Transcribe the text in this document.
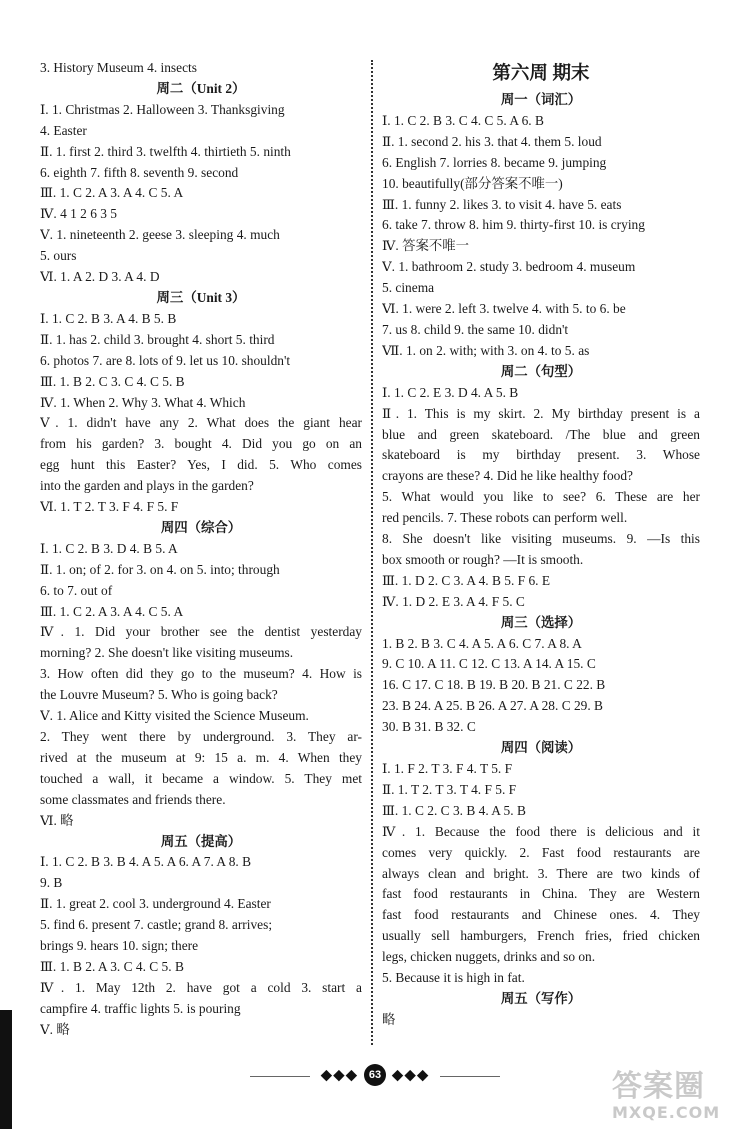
3. History Museum 4. insects
周二（Unit 2）
Ⅰ. 1. Christmas 2. Halloween 3. Thanksgiving
4. Easter
Ⅱ. 1. first 2. third 3. twelfth 4. thirtieth 5. ninth
6. eighth 7. fifth 8. seventh 9. second
Ⅲ. 1. C 2. A 3. A 4. C 5. A
Ⅳ. 4 1 2 6 3 5
Ⅴ. 1. nineteenth 2. geese 3. sleeping 4. much
5. ours
Ⅵ. 1. A 2. D 3. A 4. D
周三（Unit 3）
Ⅰ. 1. C 2. B 3. A 4. B 5. B
Ⅱ. 1. has 2. child 3. brought 4. short 5. third
6. photos 7. are 8. lots of 9. let us 10. shouldn't
Ⅲ. 1. B 2. C 3. C 4. C 5. B
Ⅳ. 1. When 2. Why 3. What 4. Which
Ⅴ. 1. didn't have any 2. What does the giant hear
from his garden? 3. bought 4. Did you go on an
egg hunt this Easter? Yes, I did. 5. Who comes
into the garden and plays in the garden?
Ⅵ. 1. T 2. T 3. F 4. F 5. F
周四（综合）
Ⅰ. 1. C 2. B 3. D 4. B 5. A
Ⅱ. 1. on; of 2. for 3. on 4. on 5. into; through
6. to 7. out of
Ⅲ. 1. C 2. A 3. A 4. C 5. A
Ⅳ. 1. Did your brother see the dentist yesterday
morning? 2. She doesn't like visiting museums.
3. How often did they go to the museum? 4. How is
the Louvre Museum? 5. Who is going back?
Ⅴ. 1. Alice and Kitty visited the Science Museum.
2. They went there by underground. 3. They ar-
rived at the museum at 9: 15 a. m. 4. When they
touched a wall, it became a window. 5. They met
some classmates and friends there.
Ⅵ. 略
周五（提高）
Ⅰ. 1. C 2. B 3. B 4. A 5. A 6. A 7. A 8. B
9. B
Ⅱ. 1. great 2. cool 3. underground 4. Easter
5. find 6. present 7. castle; grand 8. arrives;
brings 9. hears 10. sign; there
Ⅲ. 1. B 2. A 3. C 4. C 5. B
Ⅳ. 1. May 12th 2. have got a cold 3. start a
campfire 4. traffic lights 5. is pouring
Ⅴ. 略
第六周 期末
周一（词汇）
Ⅰ. 1. C 2. B 3. C 4. C 5. A 6. B
Ⅱ. 1. second 2. his 3. that 4. them 5. loud
6. English 7. lorries 8. became 9. jumping
10. beautifully(部分答案不唯一)
Ⅲ. 1. funny 2. likes 3. to visit 4. have 5. eats
6. take 7. throw 8. him 9. thirty-first 10. is crying
Ⅳ. 答案不唯一
Ⅴ. 1. bathroom 2. study 3. bedroom 4. museum
5. cinema
Ⅵ. 1. were 2. left 3. twelve 4. with 5. to 6. be
7. us 8. child 9. the same 10. didn't
Ⅶ. 1. on 2. with; with 3. on 4. to 5. as
周二（句型）
Ⅰ. 1. C 2. E 3. D 4. A 5. B
Ⅱ. 1. This is my skirt. 2. My birthday present is a
blue and green skateboard. /The blue and green
skateboard is my birthday present. 3. Whose
crayons are these? 4. Did he like healthy food?
5. What would you like to see? 6. These are her
red pencils. 7. These robots can perform well.
8. She doesn't like visiting museums. 9. —Is this
box smooth or rough? —It is smooth.
Ⅲ. 1. D 2. C 3. A 4. B 5. F 6. E
Ⅳ. 1. D 2. E 3. A 4. F 5. C
周三（选择）
1. B 2. B 3. C 4. A 5. A 6. C 7. A 8. A
9. C 10. A 11. C 12. C 13. A 14. A 15. C
16. C 17. C 18. B 19. B 20. B 21. C 22. B
23. B 24. A 25. B 26. A 27. A 28. C 29. B
30. B 31. B 32. C
周四（阅读）
Ⅰ. 1. F 2. T 3. F 4. T 5. F
Ⅱ. 1. T 2. T 3. T 4. F 5. F
Ⅲ. 1. C 2. C 3. B 4. A 5. B
Ⅳ. 1. Because the food there is delicious and it
comes very quickly. 2. Fast food restaurants are
always clean and bright. 3. There are two kinds of
fast food restaurants in China. They are Western
fast food restaurants and Chinese ones. 4. They
usually sell hamburgers, French fries, fried chicken
legs, chicken nuggets, drinks and so on.
5. Because it is high in fat.
周五（写作）
略
◆◆◆ 63 ◆◆◆	答案圈
MXQE.COM
